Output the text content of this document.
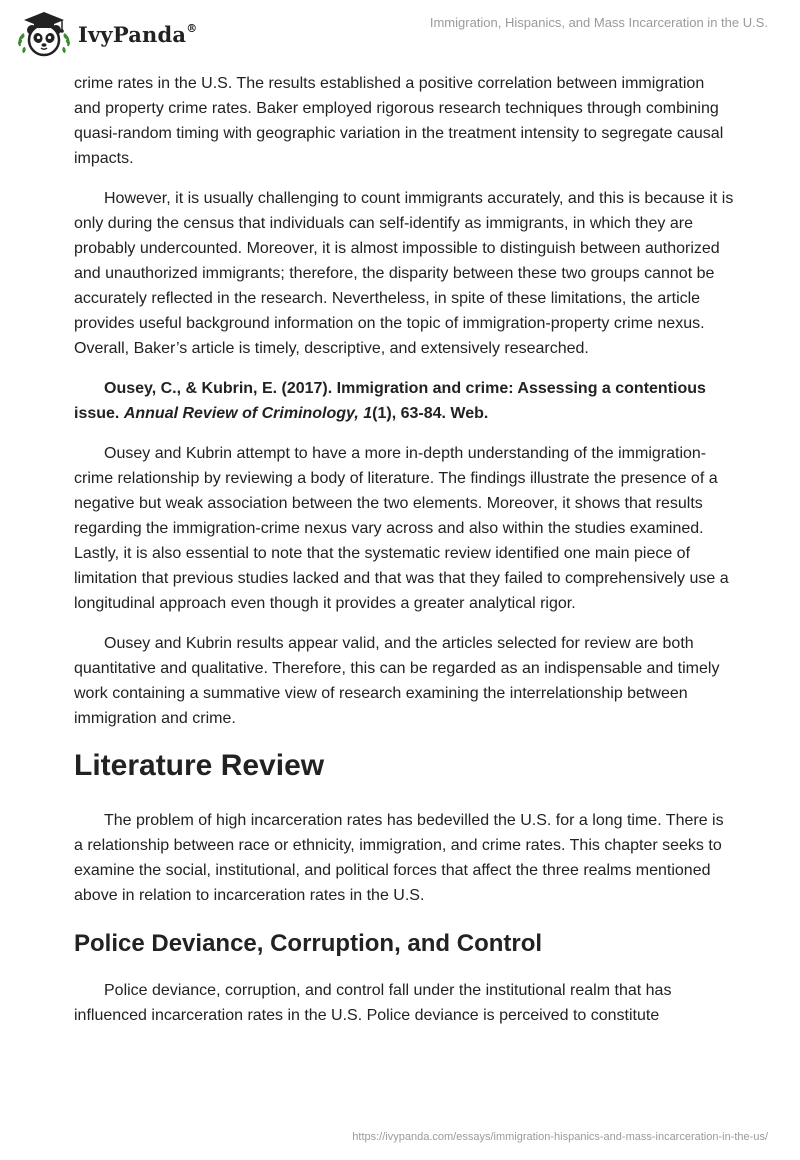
IvyPanda®	Immigration, Hispanics, and Mass Incarceration in the U.S.

crime rates in the U.S. The results established a positive correlation between immigration and property crime rates. Baker employed rigorous research techniques through combining quasi-random timing with geographic variation in the treatment intensity to segregate causal impacts.

However, it is usually challenging to count immigrants accurately, and this is because it is only during the census that individuals can self-identify as immigrants, in which they are probably undercounted. Moreover, it is almost impossible to distinguish between authorized and unauthorized immigrants; therefore, the disparity between these two groups cannot be accurately reflected in the research. Nevertheless, in spite of these limitations, the article provides useful background information on the topic of immigration-property crime nexus. Overall, Baker’s article is timely, descriptive, and extensively researched.

Ousey, C., & Kubrin, E. (2017). Immigration and crime: Assessing a contentious issue. Annual Review of Criminology, 1(1), 63-84. Web.

Ousey and Kubrin attempt to have a more in-depth understanding of the immigration-crime relationship by reviewing a body of literature. The findings illustrate the presence of a negative but weak association between the two elements. Moreover, it shows that results regarding the immigration-crime nexus vary across and also within the studies examined. Lastly, it is also essential to note that the systematic review identified one main piece of limitation that previous studies lacked and that was that they failed to comprehensively use a longitudinal approach even though it provides a greater analytical rigor.

Ousey and Kubrin results appear valid, and the articles selected for review are both quantitative and qualitative. Therefore, this can be regarded as an indispensable and timely work containing a summative view of research examining the interrelationship between immigration and crime.

Literature Review

The problem of high incarceration rates has bedevilled the U.S. for a long time. There is a relationship between race or ethnicity, immigration, and crime rates. This chapter seeks to examine the social, institutional, and political forces that affect the three realms mentioned above in relation to incarceration rates in the U.S.

Police Deviance, Corruption, and Control

Police deviance, corruption, and control fall under the institutional realm that has influenced incarceration rates in the U.S. Police deviance is perceived to constitute

https://ivypanda.com/essays/immigration-hispanics-and-mass-incarceration-in-the-us/
